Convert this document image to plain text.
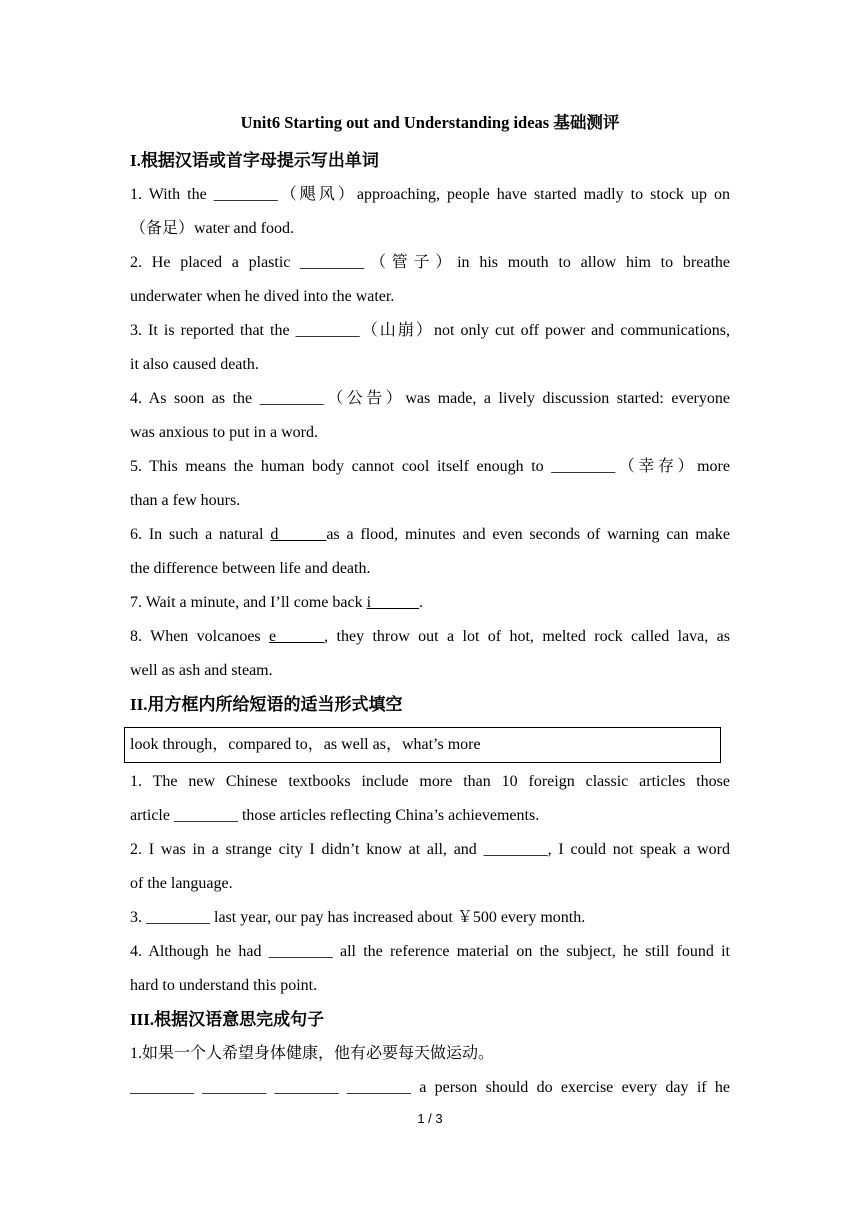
Unit6 Starting out and Understanding ideas 基础测评
I.根据汉语或首字母提示写出单词
1. With the ________（飓风）approaching, people have started madly to stock up on
（备足）water and food.
2. He placed a plastic ________（管子）in his mouth to allow him to breathe
underwater when he dived into the water.
3. It is reported that the ________（山崩）not only cut off power and communications,
it also caused death.
4. As soon as the ________（公告）was made, a lively discussion started: everyone
was anxious to put in a word.
5. This means the human body cannot cool itself enough to ________（幸存）more
than a few hours.
6. In such a natural d______as a flood, minutes and even seconds of warning can make
the difference between life and death.
7. Wait a minute, and I’ll come back i______.
8. When volcanoes e______, they throw out a lot of hot, melted rock called lava, as
well as ash and steam.
II.用方框内所给短语的适当形式填空
look through，compared to，as well as，what’s more
1. The new Chinese textbooks include more than 10 foreign classic articles those
article ________ those articles reflecting China’s achievements.
2. I was in a strange city I didn’t know at all, and ________, I could not speak a word
of the language.
3. ________ last year, our pay has increased about ￥500 every month.
4. Although he had ________ all the reference material on the subject, he still found it
hard to understand this point.
III.根据汉语意思完成句子
1.如果一个人希望身体健康，他有必要每天做运动。
________ ________ ________ ________ a person should do exercise every day if he
1 / 3
